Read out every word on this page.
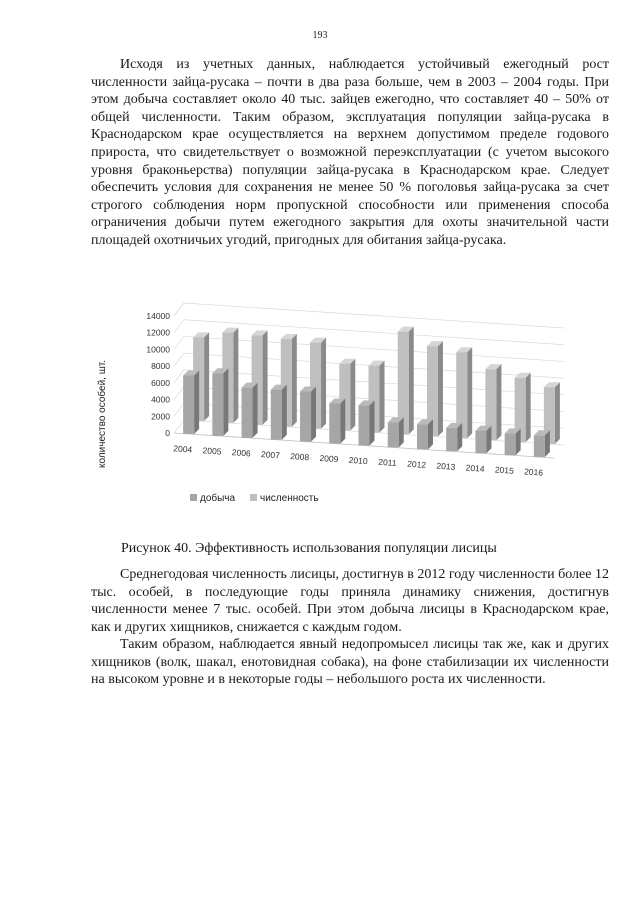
193

Исходя из учетных данных, наблюдается устойчивый ежегодный рост численности зайца-русака – почти в два раза больше, чем в 2003 – 2004 годы. При этом добыча составляет около 40 тыс. зайцев ежегодно, что составляет 40 – 50% от общей численности. Таким образом, эксплуатация популяции зайца-русака в Краснодарском крае осуществляется на верхнем допустимом пределе годового прироста, что свидетельствует о возможной переэксплуатации (с учетом высокого уровня браконьерства) популяции зайца-русака в Краснодарском крае. Следует обеспечить условия для сохранения не менее 50 % поголовья зайца-русака за счет строгого соблюдения норм пропускной способности или применения способа ограничения добычи путем ежегодного закрытия для охоты значительной части площадей охотничьих угодий, пригодных для обитания зайца-русака.

0
2000
4000
6000
8000
10000
12000
14000
2004 2005 2006 2007 2008 2009 2010 2011 2012 2013 2014 2015 2016
количество особей, шт.
добыча численность
Рисунок 40. Эффективность использования популяции лисицы

Среднегодовая численность лисицы, достигнув в 2012 году численности более 12 тыс. особей, в последующие годы приняла динамику снижения, достигнув численности менее 7 тыс. особей. При этом добыча лисицы в Краснодарском крае, как и других хищников, снижается с каждым годом.

Таким образом, наблюдается явный недопромысел лисицы так же, как и других хищников (волк, шакал, енотовидная собака), на фоне стабилизации их численности на высоком уровне и в некоторые годы – небольшого роста их численности.
